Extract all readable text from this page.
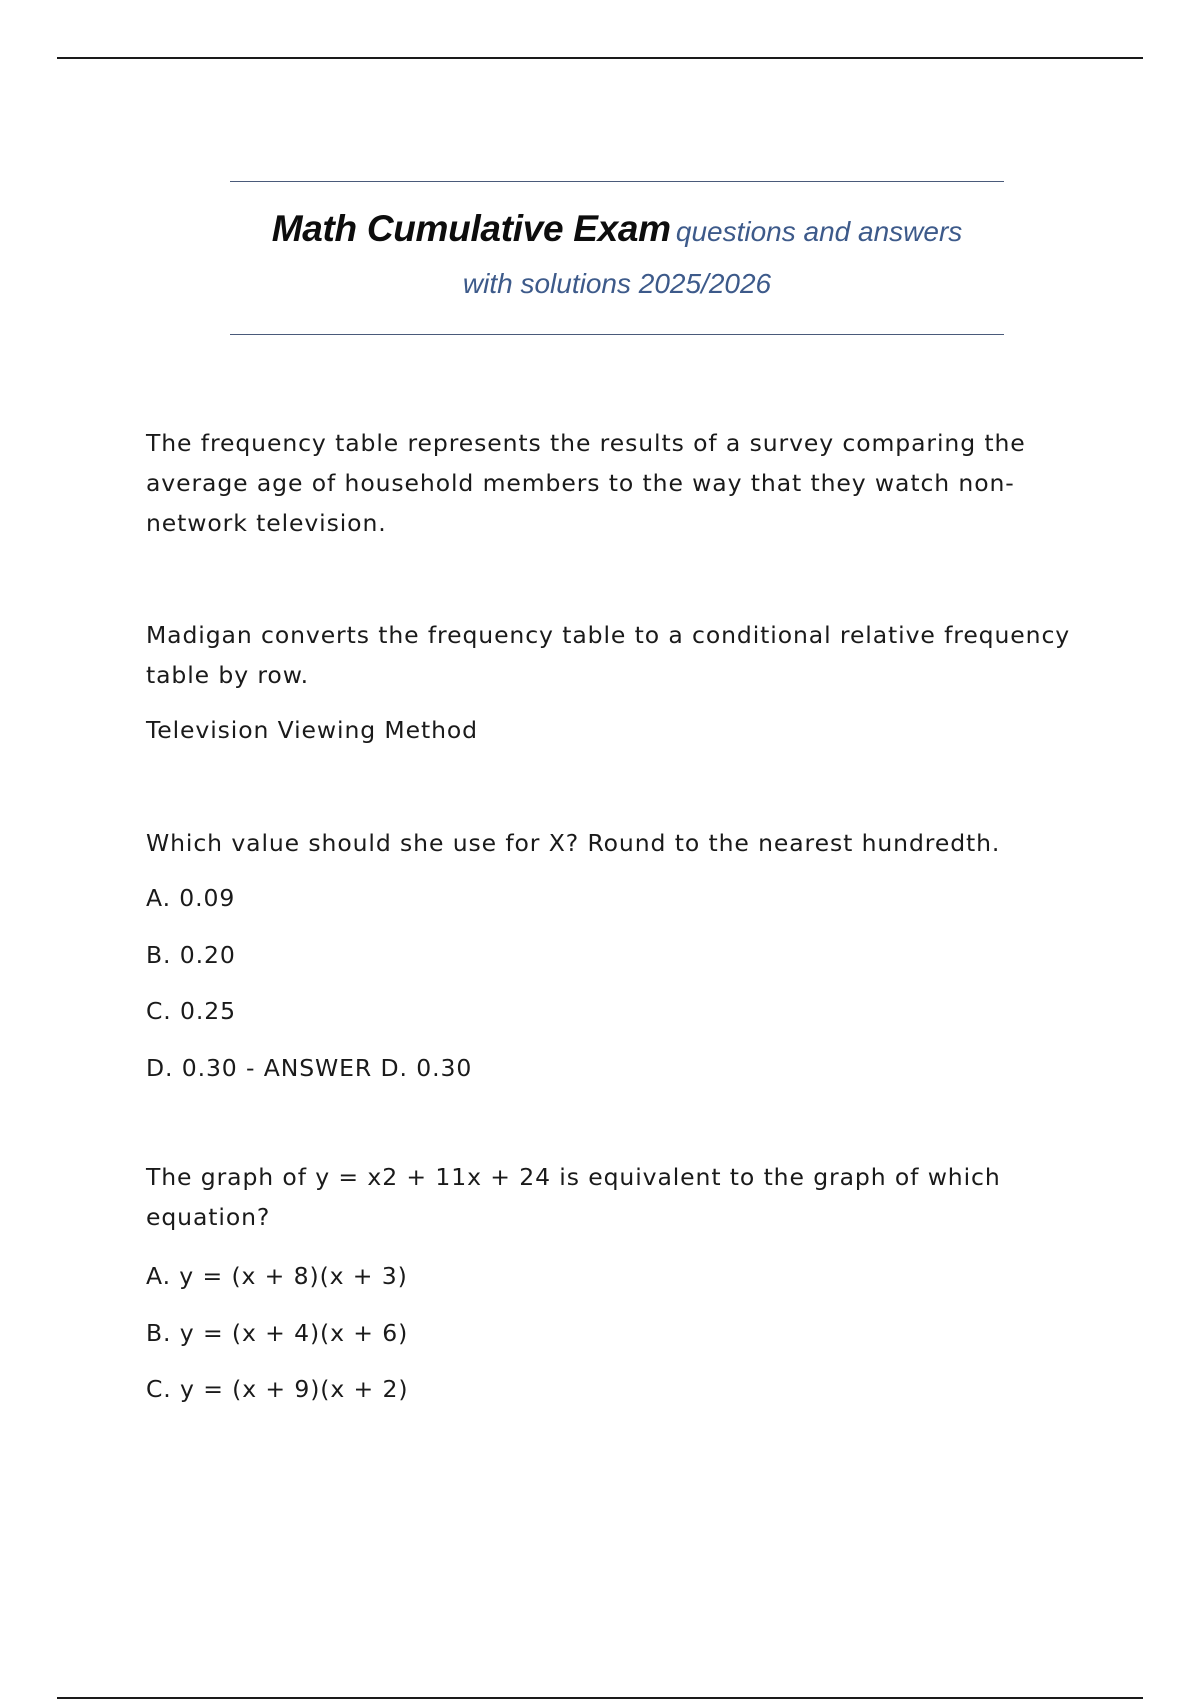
Math Cumulative Exam questions and answers
with solutions 2025/2026
The frequency table represents the results of a survey comparing the average age of household members to the way that they watch non-network television.
Madigan converts the frequency table to a conditional relative frequency table by row.
Television Viewing Method
Which value should she use for X? Round to the nearest hundredth.
A. 0.09
B. 0.20
C. 0.25
D. 0.30 - ANSWER D. 0.30
The graph of y = x2 + 11x + 24 is equivalent to the graph of which equation?
A. y = (x + 8)(x + 3)
B. y = (x + 4)(x + 6)
C. y = (x + 9)(x + 2)
